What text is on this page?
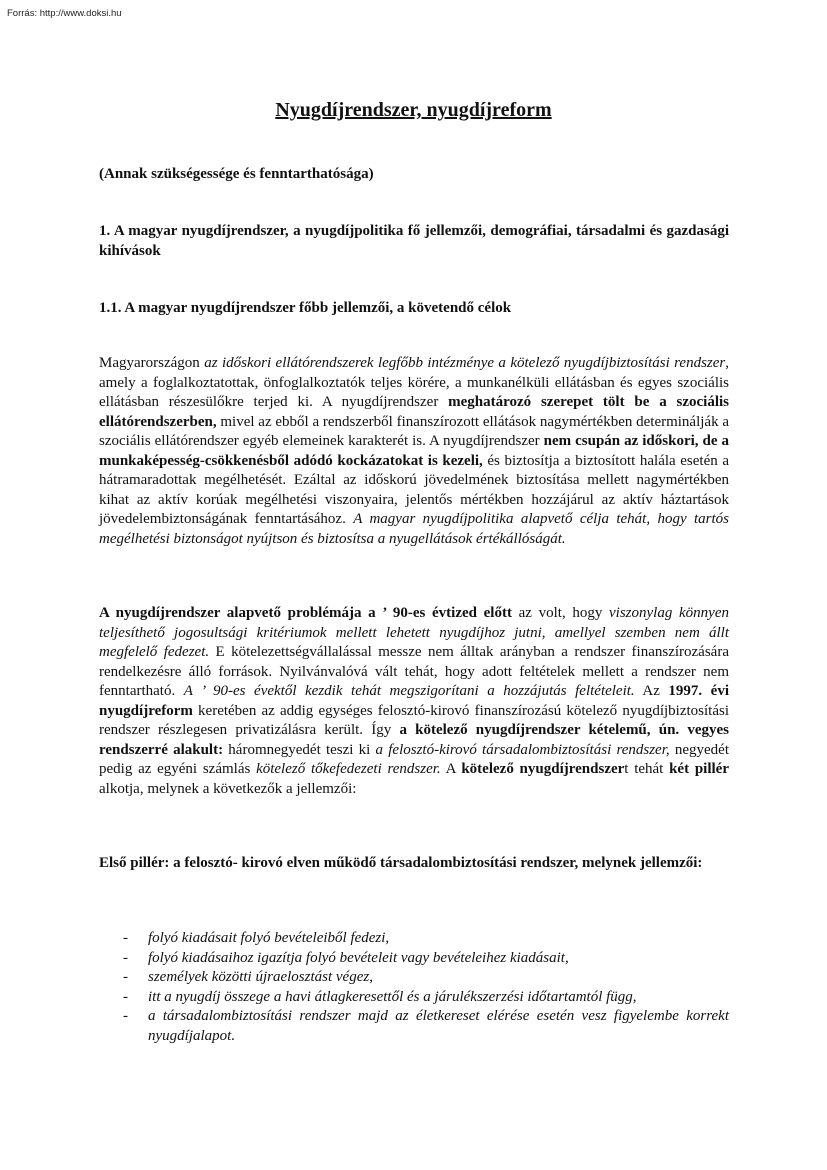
Forrás: http://www.doksi.hu
Nyugdíjrendszer, nyugdíjreform

(Annak szükségessége és fenntarthatósága)

1. A magyar nyugdíjrendszer, a nyugdíjpolitika fő jellemzői, demográfiai, társadalmi és gazdasági kihívások

1.1. A magyar nyugdíjrendszer főbb jellemzői, a követendő célok

Magyarországon az időskori ellátórendszerek legfőbb intézménye a kötelező nyugdíjbiztosítási rendszer, amely a foglalkoztatottak, önfoglalkoztatók teljes körére, a munkanélküli ellátásban és egyes szociális ellátásban részesülőkre terjed ki. A nyugdíjrendszer meghatározó szerepet tölt be a szociális ellátórendszerben, mivel az ebből a rendszerből finanszírozott ellátások nagymértékben determinálják a szociális ellátórendszer egyéb elemeinek karakterét is. A nyugdíjrendszer nem csupán az időskori, de a munkaképesség-csökkenésből adódó kockázatokat is kezeli, és biztosítja a biztosított halála esetén a hátramaradottak megélhetését. Ezáltal az időskorú jövedelmének biztosítása mellett nagymértékben kihat az aktív korúak megélhetési viszonyaira, jelentős mértékben hozzájárul az aktív háztartások jövedelembiztonságának fenntartásához. A magyar nyugdíjpolitika alapvető célja tehát, hogy tartós megélhetési biztonságot nyújtson és biztosítsa a nyugellátások értékállóságát.

A nyugdíjrendszer alapvető problémája a ’ 90-es évtized előtt az volt, hogy viszonylag könnyen teljesíthető jogosultsági kritériumok mellett lehetett nyugdíjhoz jutni, amellyel szemben nem állt megfelelő fedezet. E kötelezettségvállalással messze nem álltak arányban a rendszer finanszírozására rendelkezésre álló források. Nyilvánvalóvá vált tehát, hogy adott feltételek mellett a rendszer nem fenntartható. A ’ 90-es évektől kezdik tehát megszigorítani a hozzájutás feltételeit. Az 1997. évi nyugdíjreform keretében az addig egységes felosztó-kirovó finanszírozású kötelező nyugdíjbiztosítási rendszer részlegesen privatizálásra került. Így a kötelező nyugdíjrendszer kételemű, ún. vegyes rendszerré alakult: háromnegyedét teszi ki a felosztó-kirovó társadalombiztosítási rendszer, negyedét pedig az egyéni számlás kötelező tőkefedezeti rendszer. A kötelező nyugdíjrendszert tehát két pillér alkotja, melynek a következők a jellemzői:

Első pillér: a felosztó- kirovó elven működő társadalombiztosítási rendszer, melynek jellemzői:

- folyó kiadásait folyó bevételeiből fedezi,
- folyó kiadásaihoz igazítja folyó bevételeit vagy bevételeihez kiadásait,
- személyek közötti újraelosztást végez,
- itt a nyugdíj összege a havi átlagkeresettől és a járulékszerzési időtartamtól függ,
- a társadalombiztosítási rendszer majd az életkereset elérése esetén vesz figyelembe korrekt nyugdíjalapot.
